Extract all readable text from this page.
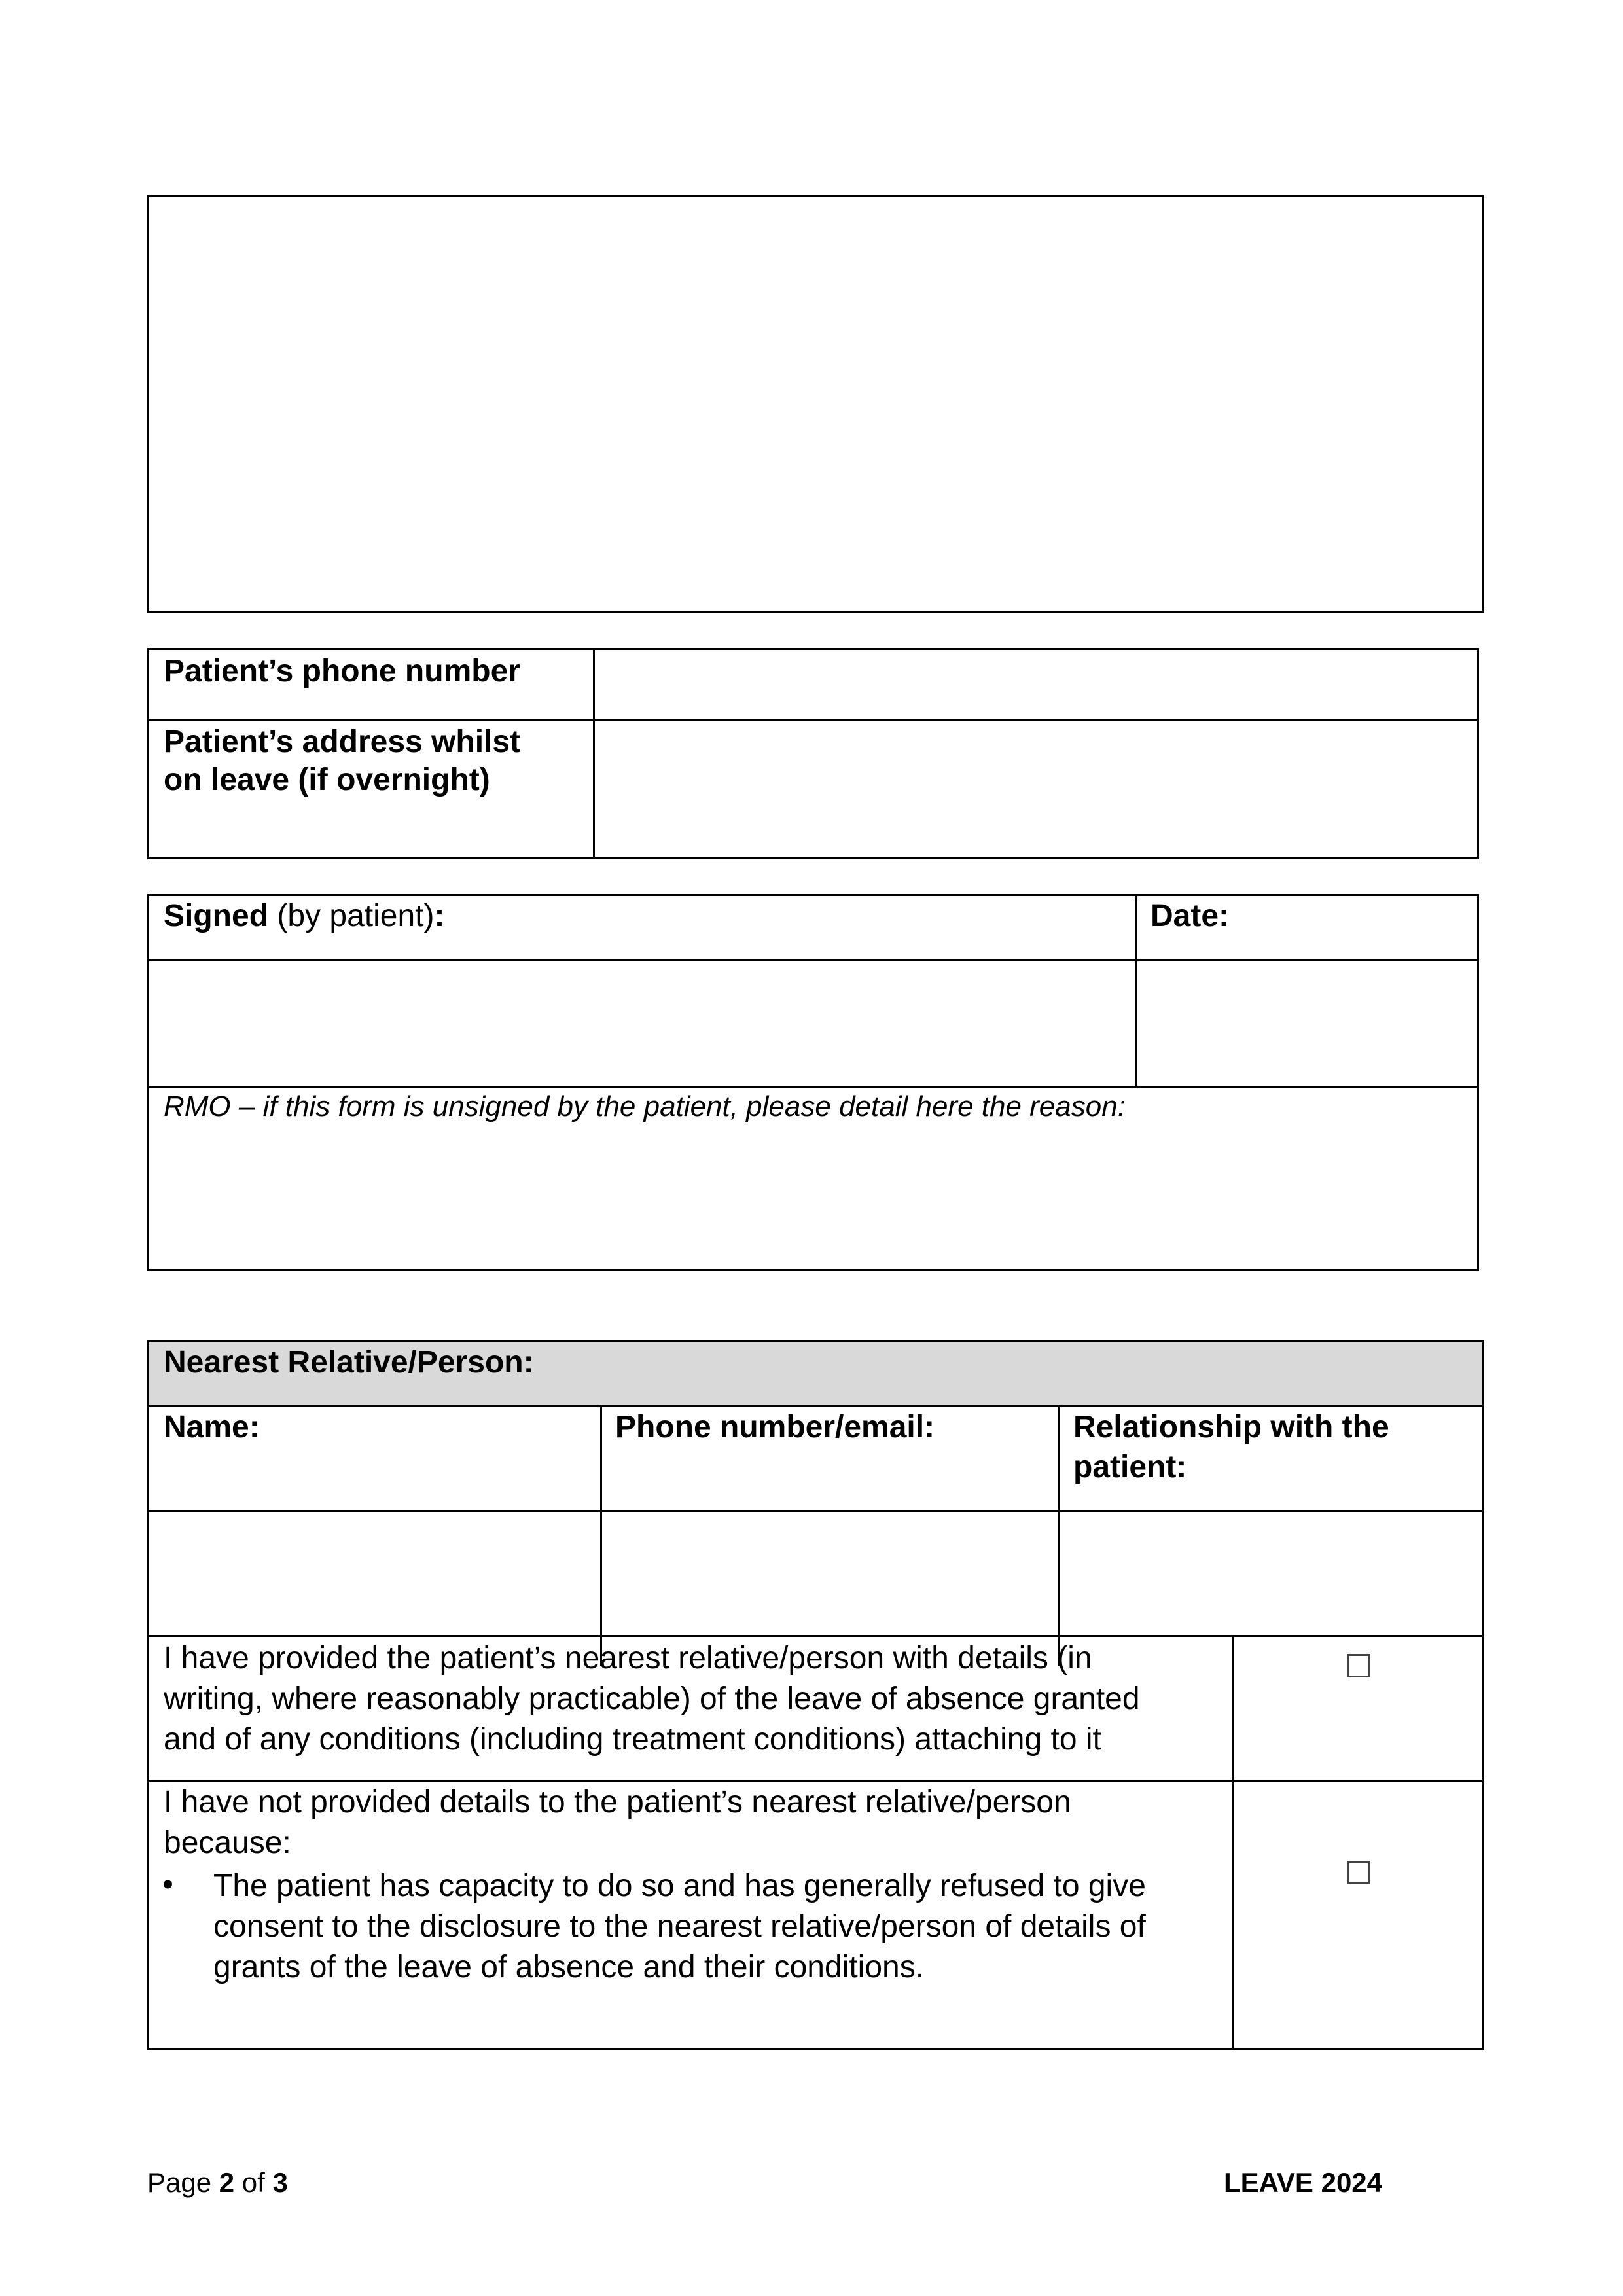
Patient’s phone number
Patient’s address whilst
on leave (if overnight)
Signed (by patient):	Date:
RMO – if this form is unsigned by the patient, please detail here the reason:
Nearest Relative/Person:
Name:	Phone number/email:	Relationship with the
patient:
I have provided the patient’s nearest relative/person with details (in
writing, where reasonably practicable) of the leave of absence granted
and of any conditions (including treatment conditions) attaching to it
I have not provided details to the patient’s nearest relative/person
because:
• The patient has capacity to do so and has generally refused to give
consent to the disclosure to the nearest relative/person of details of
grants of the leave of absence and their conditions.
Page 2 of 3	LEAVE 2024
